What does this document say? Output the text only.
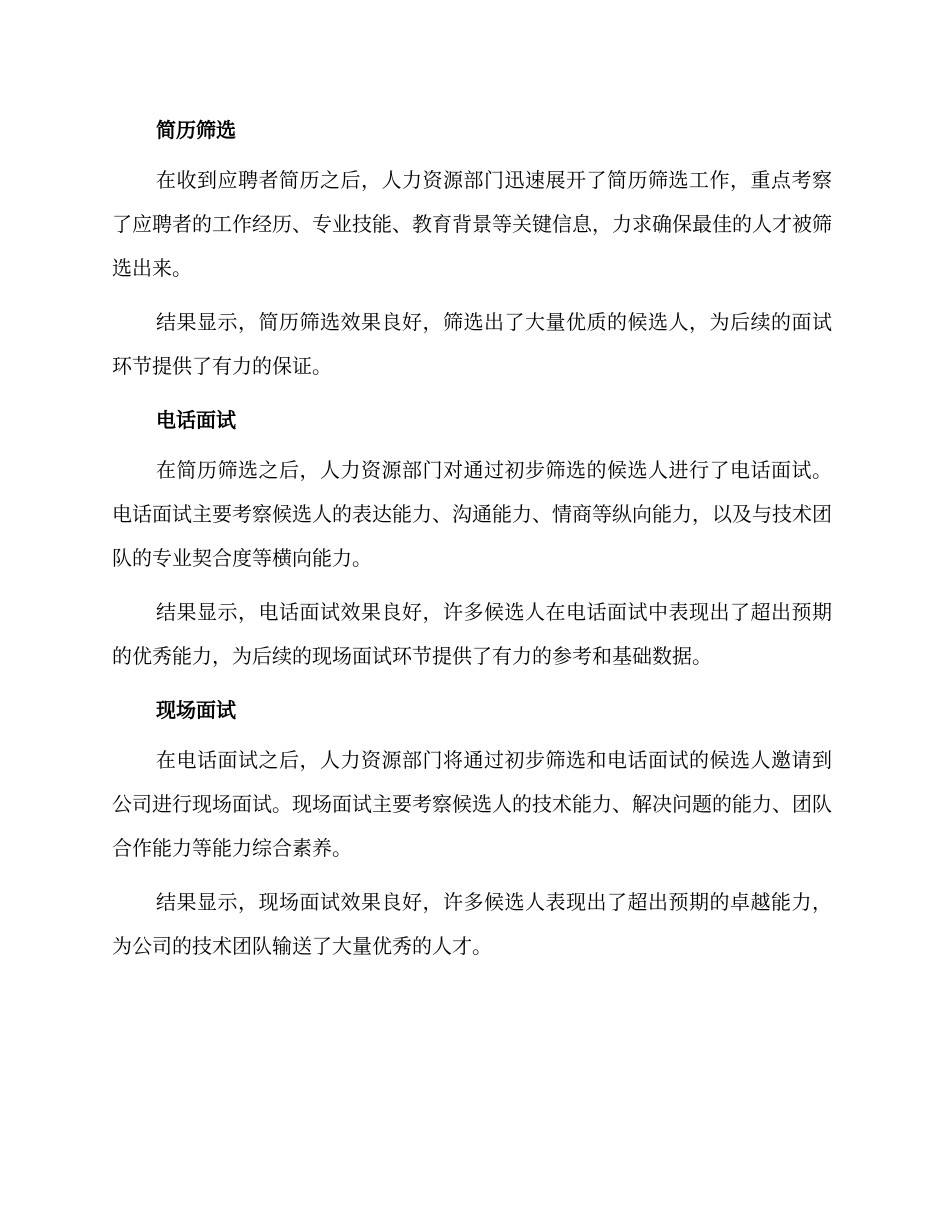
简历筛选

在收到应聘者简历之后，人力资源部门迅速展开了简历筛选工作，重点考察了应聘者的工作经历、专业技能、教育背景等关键信息，力求确保最佳的人才被筛选出来。

结果显示，简历筛选效果良好，筛选出了大量优质的候选人，为后续的面试环节提供了有力的保证。

电话面试

在简历筛选之后，人力资源部门对通过初步筛选的候选人进行了电话面试。电话面试主要考察候选人的表达能力、沟通能力、情商等纵向能力，以及与技术团队的专业契合度等横向能力。

结果显示，电话面试效果良好，许多候选人在电话面试中表现出了超出预期的优秀能力，为后续的现场面试环节提供了有力的参考和基础数据。

现场面试

在电话面试之后，人力资源部门将通过初步筛选和电话面试的候选人邀请到公司进行现场面试。现场面试主要考察候选人的技术能力、解决问题的能力、团队合作能力等能力综合素养。

结果显示，现场面试效果良好，许多候选人表现出了超出预期的卓越能力，为公司的技术团队输送了大量优秀的人才。
